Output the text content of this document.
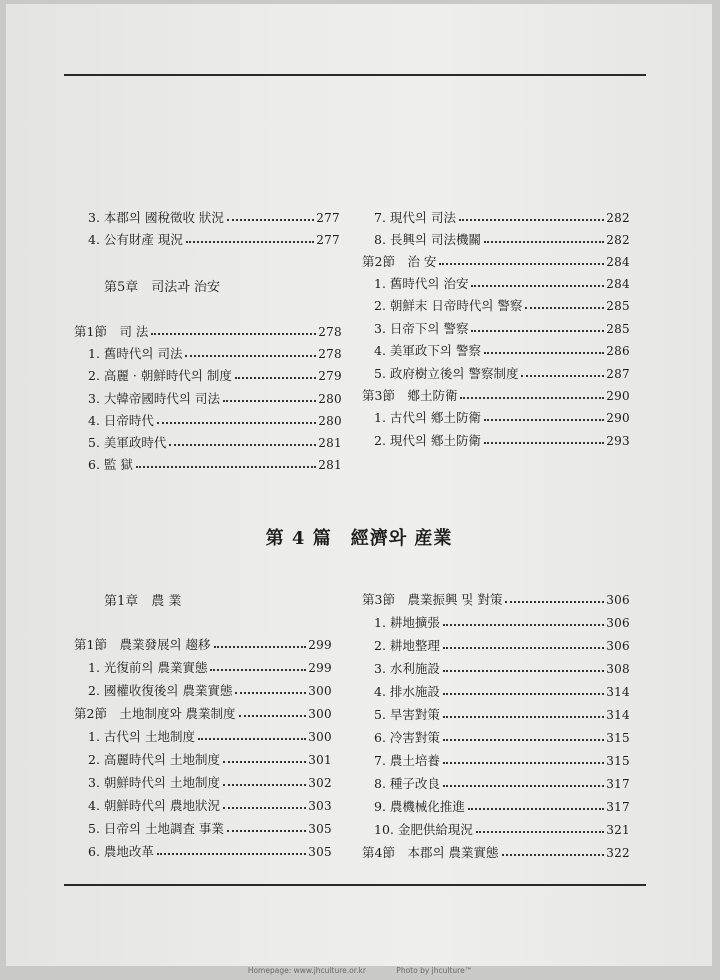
3. 本郡의 國稅徵收 狀況	277
4. 公有財產 現況	277
第5章　司法과 治安
第1節　司 法	278
1. 舊時代의 司法	278
2. 高麗 · 朝鮮時代의 制度	279
3. 大韓帝國時代의 司法	280
4. 日帝時代	280
5. 美軍政時代	281
6. 監 獄	281
7. 現代의 司法	282
8. 長興의 司法機關	282
第2節　治 安	284
1. 舊時代의 治安	284
2. 朝鮮末 日帝時代의 警察	285
3. 日帝下의 警察	285
4. 美軍政下의 警察	286
5. 政府樹立後의 警察制度	287
第3節　鄕土防衛	290
1. 古代의 鄕土防衛	290
2. 現代의 鄕土防衛	293
第 4 篇　經濟와 産業
第1章　農 業
第1節　農業發展의 趨移	299
1. 光復前의 農業實態	299
2. 國權收復後의 農業實態	300
第2節　土地制度와 農業制度	300
1. 古代의 土地制度	300
2. 高麗時代의 土地制度	301
3. 朝鮮時代의 土地制度	302
4. 朝鮮時代의 農地狀況	303
5. 日帝의 土地調査 事業	305
6. 農地改革	305
第3節　農業振興 및 對策	306
1. 耕地擴張	306
2. 耕地整理	306
3. 水利施設	308
4. 排水施設	314
5. 旱害對策	314
6. 冷害對策	315
7. 農土培養	315
8. 種子改良	317
9. 農機械化推進	317
10. 金肥供給現況	321
第4節　本郡의 農業實態	322
Homepage: www.jhculture.or.kr	Photo by jhculture™
